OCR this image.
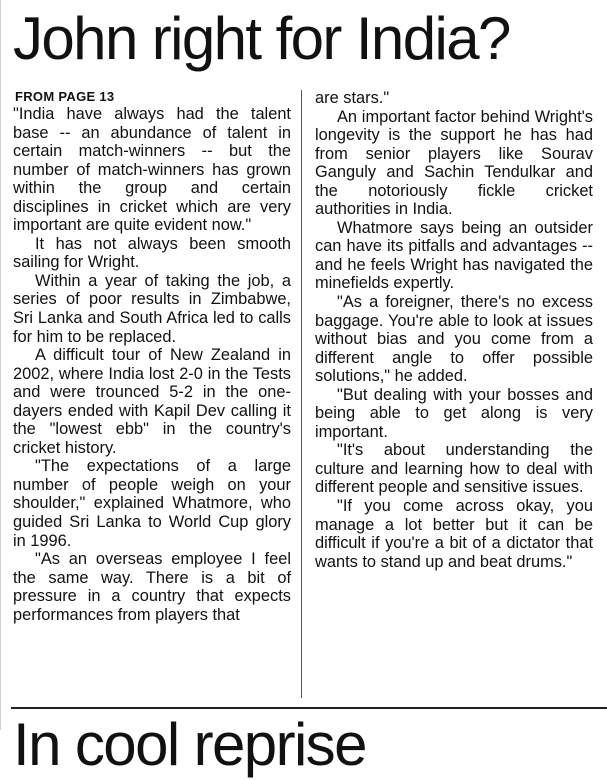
John right for India?
FROM PAGE 13

"India have always had the talent base -- an abundance of talent in certain match-winners -- but the number of match-winners has grown within the group and certain disciplines in cricket which are very important are quite evident now."

It has not always been smooth sailing for Wright.

Within a year of taking the job, a series of poor results in Zimbabwe, Sri Lanka and South Africa led to calls for him to be replaced.

A difficult tour of New Zealand in 2002, where India lost 2-0 in the Tests and were trounced 5-2 in the one-dayers ended with Kapil Dev calling it the "lowest ebb" in the country's cricket history.

"The expectations of a large number of people weigh on your shoulder," explained Whatmore, who guided Sri Lanka to World Cup glory in 1996.

"As an overseas employee I feel the same way. There is a bit of pressure in a country that expects performances from players that

are stars."

An important factor behind Wright's longevity is the support he has had from senior players like Sourav Ganguly and Sachin Tendulkar and the notoriously fickle cricket authorities in India.

Whatmore says being an outsider can have its pitfalls and advantages -- and he feels Wright has navigated the minefields expertly.

"As a foreigner, there's no excess baggage. You're able to look at issues without bias and you come from a different angle to offer possible solutions," he added.

"But dealing with your bosses and being able to get along is very important.

"It's about understanding the culture and learning how to deal with different people and sensitive issues.

"If you come across okay, you manage a lot better but it can be difficult if you're a bit of a dictator that wants to stand up and beat drums."

In cool reprise
